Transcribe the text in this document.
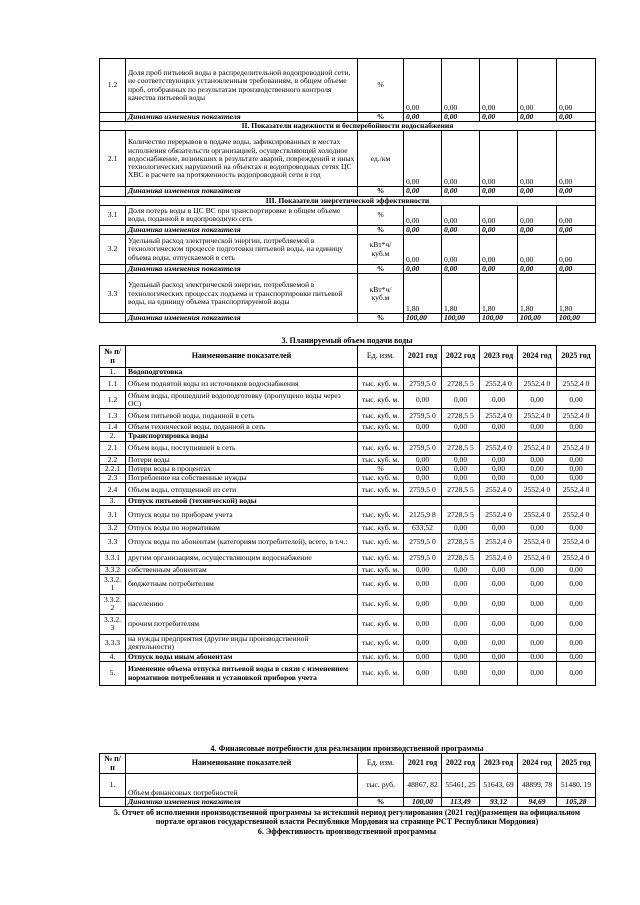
1.2	Доля проб питьевой воды в распределительной водопроводной сети, не соответствующих установленным требованиям, в общем объеме проб, отобранных по результатам производственного контроля качества питьевой воды	%	0,00	0,00	0,00	0,00	0,00
	Динамика изменения показателя	%	0,00	0,00	0,00	0,00	0,00
II. Показатели надежности и бесперебойности водоснабжения							
2.1	Количество перерывов в подаче воды, зафиксированных в местах исполнения обязательств организацией, осуществляющей холодное водоснабжение, возникших в результате аварий, повреждений и иных технологических нарушений на объектах и водопроводных сетях ЦС ХВС в расчете на протяженность водопроводной сети в год	ед./км	0,00	0,00	0,00	0,00	0,00
	Динамика изменения показателя	%	0,00	0,00	0,00	0,00	0,00
III. Показатели энергетической эффективности							
3.1	Доля потерь воды в ЦС ВС при транспортировке в общем объеме воды, поданной в водопроводную сеть	%	0,00	0,00	0,00	0,00	0,00
	Динамика изменения показателя	%	0,00	0,00	0,00	0,00	0,00
3.2	Удельный расход электрической энергии, потребляемой в технологическом процессе подготовки питьевой воды, на единицу объема воды, отпускаемой в сеть	кВт*ч/ куб.м	0,00	0,00	0,00	0,00	0,00
	Динамика изменения показателя	%	0,00	0,00	0,00	0,00	0,00
3.3	Удельный расход электрической энергии, потребляемой в технологических процессах подъема и транспортировки питьевой воды, на единицу объема транспортируемой воды	кВт*ч/ куб.м	1,80	1,80	1,80	1,80	1,80
	Динамика изменения показателя	%	100,00	100,00	100,00	100,00	100,00
3. Планируемый объем подачи воды
№ п/п	Наименование показателей	Ед. изм.	2021 год	2022 год	2023 год	2024 год	2025 год
1.	Водоподготовка						
1.1	Объем поднятой воды из источников водоснабжения	тыс. куб. м.	2759,5 0	2728,5 5	2552,4 0	2552,4 0	2552,4 0
1.2	Объем воды, прошедший водоподготовку (пропущено воды через ОС)	тыс. куб. м.	0,00	0,00	0,00	0,00	0,00
1.3	Объем питьевой воды, поданной в сеть	тыс. куб. м.	2759,5 0	2728,5 5	2552,4 0	2552,4 0	2552,4 0
1.4	Объем технической воды, поданной в сеть	тыс. куб. м.	0,00	0,00	0,00	0,00	0,00
2.	Транспортировка воды						
2.1	Объем воды, поступившей в сеть	тыс. куб. м.	2759,5 0	2728,5 5	2552,4 0	2552,4 0	2552,4 0
2.2	Потери воды	тыс. куб. м.	0,00	0,00	0,00	0,00	0,00
2.2.1	Потери воды в процентах	%	0,00	0,00	0,00	0,00	0,00
2.3	Потребление на собственные нужды	тыс. куб. м.	0,00	0,00	0,00	0,00	0,00
2.4	Объем воды, отпущенной из сети	тыс. куб. м.	2759,5 0	2728,5 5	2552,4 0	2552,4 0	2552,4 0
3.	Отпуск питьевой (технической) воды						
3.1	Отпуск воды по приборам учета	тыс. куб. м.	2125,9 8	2728,5 5	2552,4 0	2552,4 0	2552,4 0
3.2	Отпуск воды по нормативам	тыс. куб. м.	633,52	0,00	0,00	0,00	0,00
3.3	Отпуск воды по абонентам (категориям потребителей), всего, в т.ч.:	тыс. куб. м.	2759,5 0	2728,5 5	2552,4 0	2552,4 0	2552,4 0
3.3.1	другим организациям, осуществляющим водоснабжение	тыс. куб. м.	2759,5 0	2728,5 5	2552,4 0	2552,4 0	2552,4 0
3.3.2	собственным абонентам	тыс. куб. м.	0,00	0,00	0,00	0,00	0,00
3.3.2. 1	бюджетным потребителям	тыс. куб. м.	0,00	0,00	0,00	0,00	0,00
3.3.2. 2	населению	тыс. куб. м.	0,00	0,00	0,00	0,00	0,00
3.3.2. 3	прочим потребителям	тыс. куб. м.	0,00	0,00	0,00	0,00	0,00
3.3.3	на нужды предприятия (другие виды производственной деятельности)	тыс. куб. м.	0,00	0,00	0,00	0,00	0,00
4.	Отпуск воды иным абонентам	тыс. куб. м.	0,00	0,00	0,00	0,00	0,00
5.	Изменение объема отпуска питьевой воды в связи с изменением нормативов потребления и установкой приборов учета	тыс. куб. м.	0,00	0,00	0,00	0,00	0,00
4. Финансовые потребности для реализации производственной программы
№ п/п	Наименование показателей	Ед. изм.	2021 год	2022 год	2023 год	2024 год	2025 год
1.	Объем финансовых потребностей	тыс. руб.	48867, 82	55461, 25	51643, 69	48899, 78	51480, 19
	Динамика изменения показателя	%	100,00	113,49	93,12	94,69	105,28
5. Отчет об исполнении производственной программы за истекший период регулирования (2021 год)(размещен на официальном портале органов государственной власти Республики Мордовия на странице РСТ Республики Мордовия)
6. Эффективность производственной программы
